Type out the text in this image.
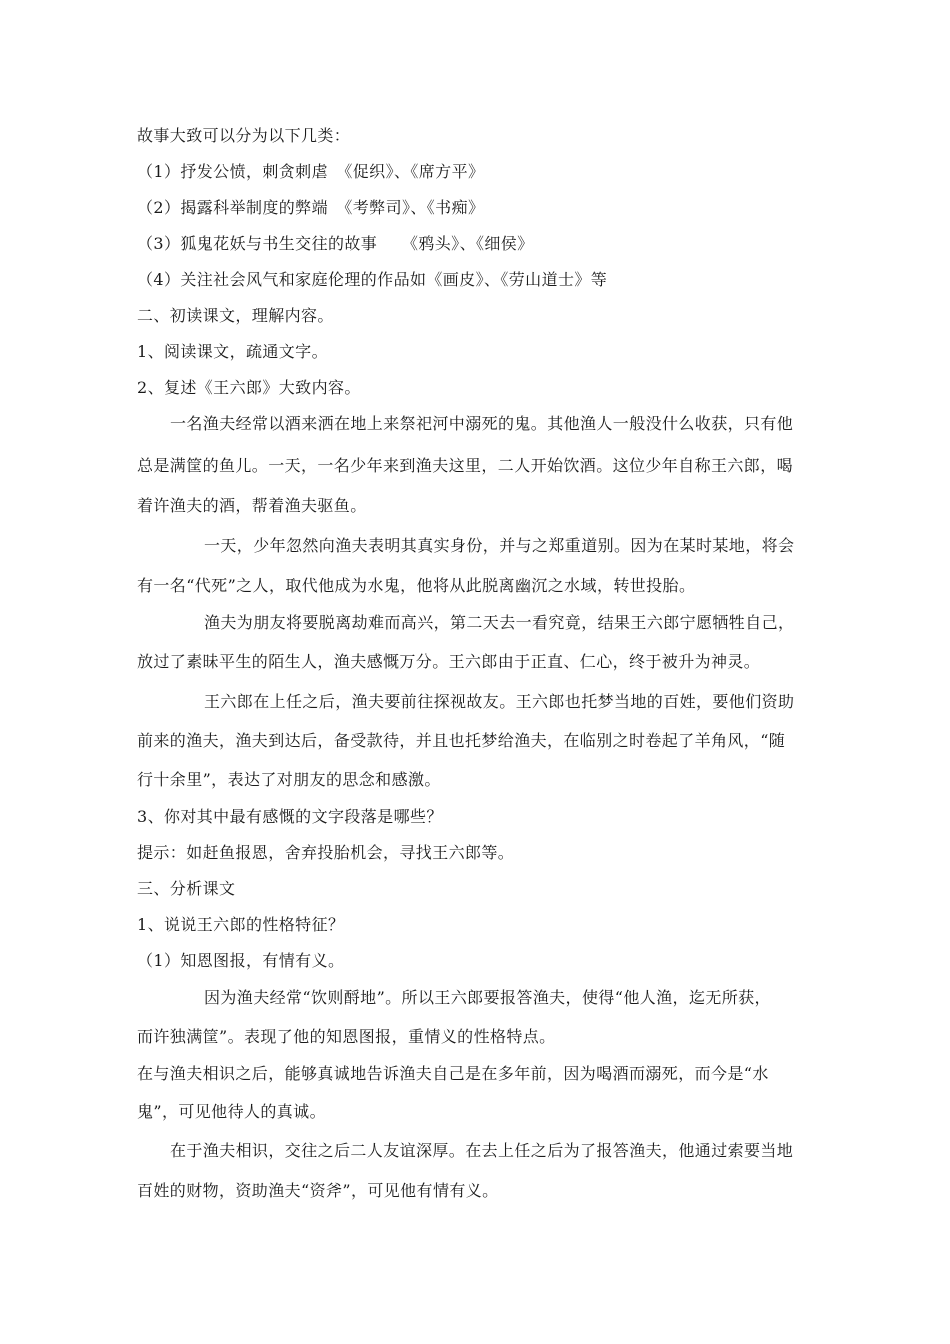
故事大致可以分为以下几类：
（1）抒发公愤，刺贪刺虐　《促织》、《席方平》
（2）揭露科举制度的弊端　《考弊司》、《书痴》
（3）狐鬼花妖与书生交往的故事　　《鸦头》、《细侯》
（4）关注社会风气和家庭伦理的作品如《画皮》、《劳山道士》等
二、初读课文，理解内容。
1、阅读课文，疏通文字。
2、复述《王六郎》大致内容。
一名渔夫经常以酒来洒在地上来祭祀河中溺死的鬼。其他渔人一般没什么收获，只有他
总是满筐的鱼儿。一天，一名少年来到渔夫这里，二人开始饮酒。这位少年自称王六郎，喝
着许渔夫的酒，帮着渔夫驱鱼。
一天，少年忽然向渔夫表明其真实身份，并与之郑重道别。因为在某时某地，将会
有一名“代死”之人，取代他成为水鬼，他将从此脱离幽沉之水域，转世投胎。
渔夫为朋友将要脱离劫难而高兴，第二天去一看究竟，结果王六郎宁愿牺牲自己，
放过了素昧平生的陌生人，渔夫感慨万分。王六郎由于正直、仁心，终于被升为神灵。
王六郎在上任之后，渔夫要前往探视故友。王六郎也托梦当地的百姓，要他们资助
前来的渔夫，渔夫到达后，备受款待，并且也托梦给渔夫，在临别之时卷起了羊角风，“随
行十余里”，表达了对朋友的思念和感激。
3、你对其中最有感慨的文字段落是哪些？
提示：如赶鱼报恩，舍弃投胎机会，寻找王六郎等。
三、分析课文
1、说说王六郎的性格特征？
（1）知恩图报，有情有义。
因为渔夫经常“饮则酹地”。所以王六郎要报答渔夫，使得“他人渔，迄无所获，
而许独满筐”。表现了他的知恩图报，重情义的性格特点。
在与渔夫相识之后，能够真诚地告诉渔夫自己是在多年前，因为喝酒而溺死，而今是“水
鬼”，可见他待人的真诚。
在于渔夫相识，交往之后二人友谊深厚。在去上任之后为了报答渔夫，他通过索要当地
百姓的财物，资助渔夫“资斧”，可见他有情有义。
